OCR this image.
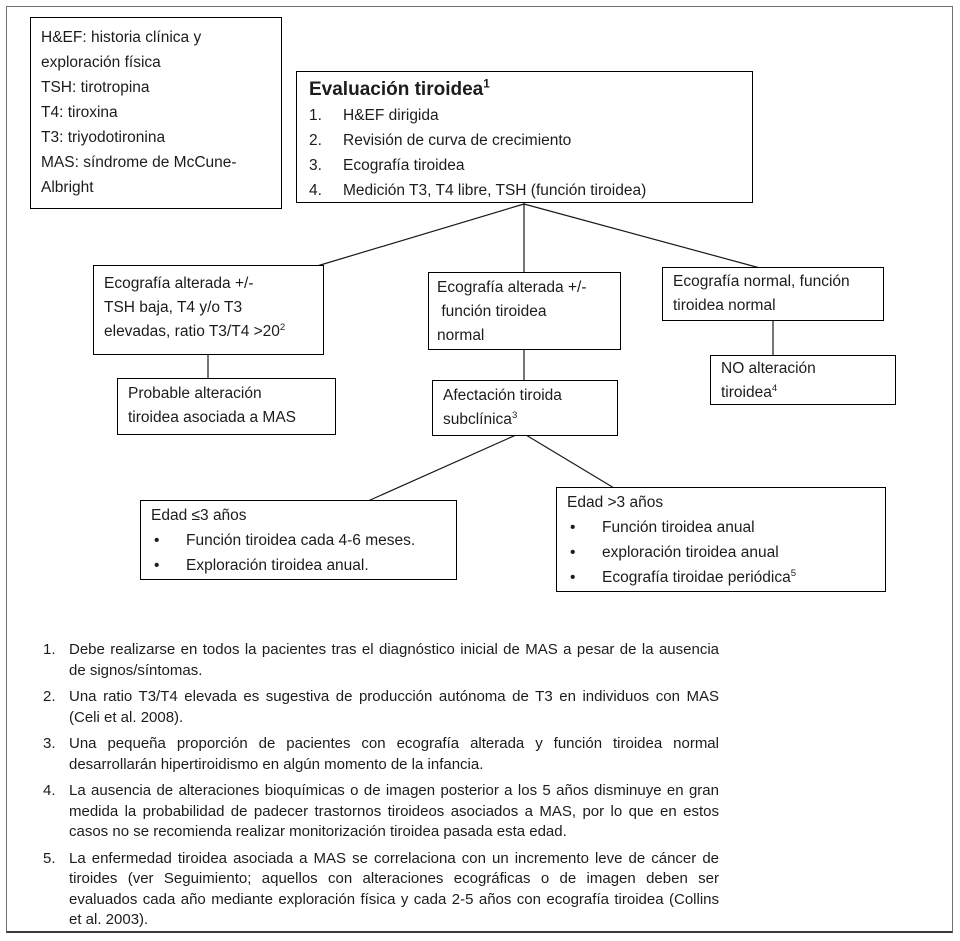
H&EF: historia clínica y exploración física
TSH: tirotropina
T4: tiroxina
T3: triyodotironina
MAS: síndrome de McCune-Albright
Evaluación tiroidea$^1$
1.	H&EF dirigida
2.	Revisión de curva de crecimiento
3.	Ecografía tiroidea
4.	Medición T3, T4 libre, TSH (función tiroidea)
Ecografía alterada +/-
TSH baja, T4 y/o T3
elevadas, ratio $T3/T4 >20^2$
Ecografía alterada +/-
función tiroidea
normal
Ecografía normal, función
tiroidea normal
Probable alteración
tiroidea asociada a MAS
Afectación tiroida
subclínica$^3$
NO alteración
tiroidea$^4$
Edad ≤3 años
•	Función tiroidea cada 4-6 meses.
•	Exploración tiroidea anual.
Edad >3 años
•	Función tiroidea anual
•	exploración tiroidea anual
•	Ecografía tiroidae periódica$^5$
1. Debe realizarse en todos la pacientes tras el diagnóstico inicial de MAS a pesar de la ausencia de signos/síntomas.
2. Una ratio T3/T4 elevada es sugestiva de producción autónoma de T3 en individuos con MAS (Celi et al. 2008).
3. Una pequeña proporción de pacientes con ecografía alterada y función tiroidea normal desarrollarán hipertiroidismo en algún momento de la infancia.
4. La ausencia de alteraciones bioquímicas o de imagen posterior a los 5 años disminuye en gran medida la probabilidad de padecer trastornos tiroideos asociados a MAS, por lo que en estos casos no se recomienda realizar monitorización tiroidea pasada esta edad.
5. La enfermedad tiroidea asociada a MAS se correlaciona con un incremento leve de cáncer de tiroides (ver Seguimiento; aquellos con alteraciones ecográficas o de imagen deben ser evaluados cada año mediante exploración física y cada 2-5 años con ecografía tiroidea (Collins et al. 2003).
